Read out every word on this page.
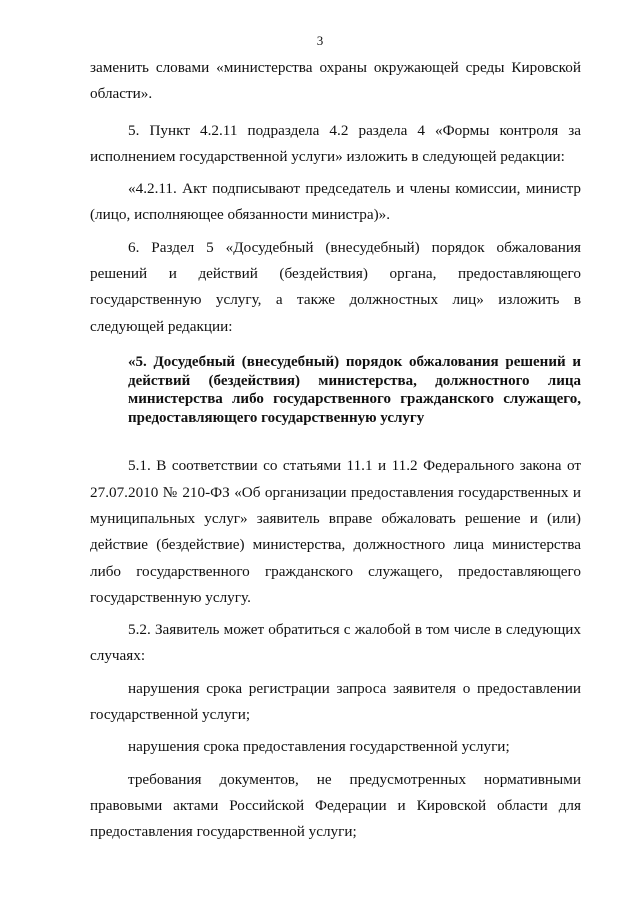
3

заменить словами «министерства охраны окружающей среды Кировской области».

5. Пункт 4.2.11 подраздела 4.2 раздела 4 «Формы контроля за исполнением государственной услуги» изложить в следующей редакции:

«4.2.11. Акт подписывают председатель и члены комиссии, министр (лицо, исполняющее обязанности министра)».

6. Раздел 5 «Досудебный (внесудебный) порядок обжалования решений и действий (бездействия) органа, предоставляющего государственную услугу, а также должностных лиц» изложить в следующей редакции:

«5. Досудебный (внесудебный) порядок обжалования решений и действий (бездействия) министерства, должностного лица министерства либо государственного гражданского служащего, предоставляющего государственную услугу

5.1. В соответствии со статьями 11.1 и 11.2 Федерального закона от 27.07.2010 № 210-ФЗ «Об организации предоставления государственных и муниципальных услуг» заявитель вправе обжаловать решение и (или) действие (бездействие) министерства, должностного лица министерства либо государственного гражданского служащего, предоставляющего государственную услугу.

5.2. Заявитель может обратиться с жалобой в том числе в следующих случаях:

нарушения срока регистрации запроса заявителя о предоставлении государственной услуги;

нарушения срока предоставления государственной услуги;

требования документов, не предусмотренных нормативными правовыми актами Российской Федерации и Кировской области для предоставления государственной услуги;
